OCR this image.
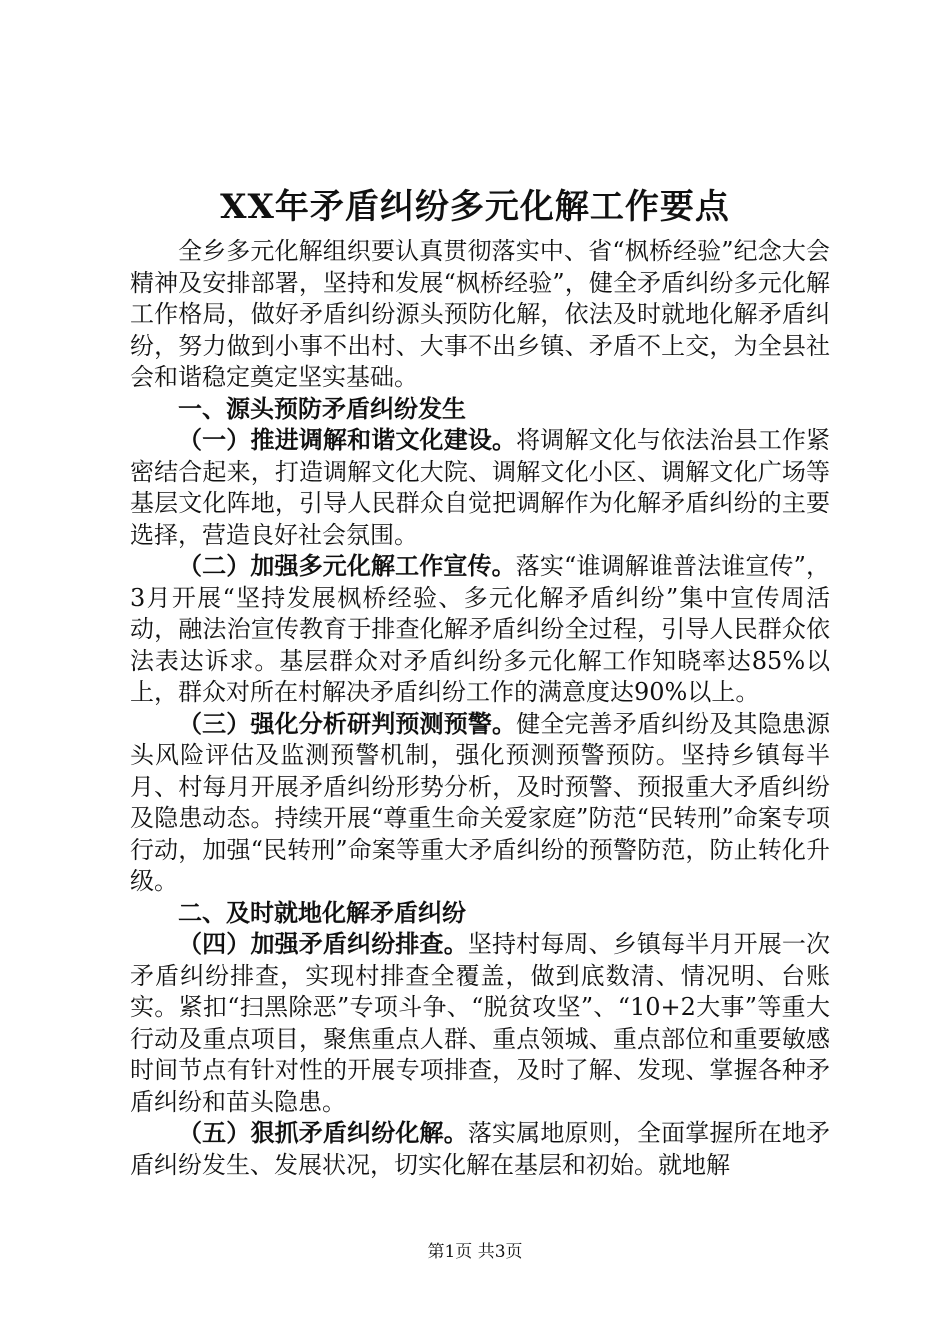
XX年矛盾纠纷多元化解工作要点

全乡多元化解组织要认真贯彻落实中、省“枫桥经验”纪念大会精神及安排部署，坚持和发展“枫桥经验”，健全矛盾纠纷多元化解工作格局，做好矛盾纠纷源头预防化解，依法及时就地化解矛盾纠纷，努力做到小事不出村、大事不出乡镇、矛盾不上交，为全县社会和谐稳定奠定坚实基础。

一、源头预防矛盾纠纷发生

（一）推进调解和谐文化建设。将调解文化与依法治县工作紧密结合起来，打造调解文化大院、调解文化小区、调解文化广场等基层文化阵地，引导人民群众自觉把调解作为化解矛盾纠纷的主要选择，营造良好社会氛围。

（二）加强多元化解工作宣传。落实“谁调解谁普法谁宣传”，3月开展“坚持发展枫桥经验、多元化解矛盾纠纷”集中宣传周活动，融法治宣传教育于排查化解矛盾纠纷全过程，引导人民群众依法表达诉求。基层群众对矛盾纠纷多元化解工作知晓率达85%以上，群众对所在村解决矛盾纠纷工作的满意度达90%以上。

（三）强化分析研判预测预警。健全完善矛盾纠纷及其隐患源头风险评估及监测预警机制，强化预测预警预防。坚持乡镇每半月、村每月开展矛盾纠纷形势分析，及时预警、预报重大矛盾纠纷及隐患动态。持续开展“尊重生命关爱家庭”防范“民转刑”命案专项行动，加强“民转刑”命案等重大矛盾纠纷的预警防范，防止转化升级。

二、及时就地化解矛盾纠纷

（四）加强矛盾纠纷排查。坚持村每周、乡镇每半月开展一次矛盾纠纷排查，实现村排查全覆盖，做到底数清、情况明、台账实。紧扣“扫黑除恶”专项斗争、“脱贫攻坚”、“10+2大事”等重大行动及重点项目，聚焦重点人群、重点领城、重点部位和重要敏感时间节点有针对性的开展专项排查，及时了解、发现、掌握各种矛盾纠纷和苗头隐患。

（五）狠抓矛盾纠纷化解。落实属地原则，全面掌握所在地矛盾纠纷发生、发展状况，切实化解在基层和初始。就地解

第1页 共3页
